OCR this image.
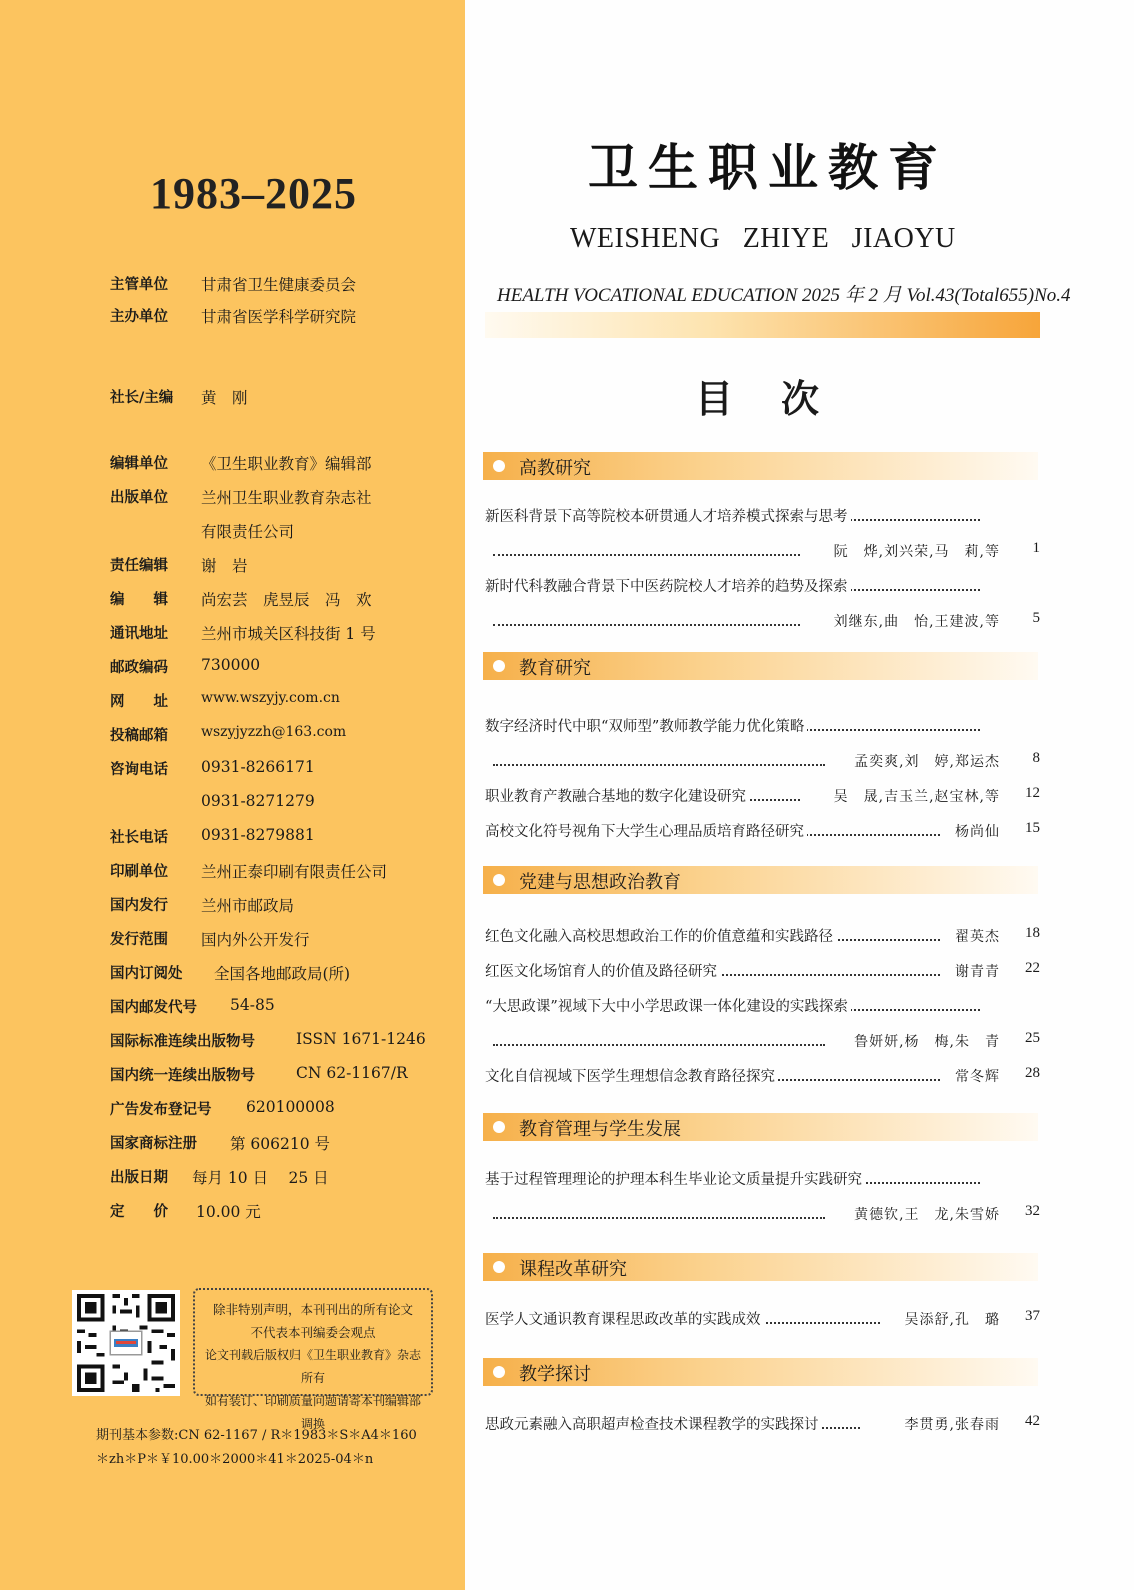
1983–2025
主管单位 甘肃省卫生健康委员会
主办单位 甘肃省医学科学研究院
社长/主编 黄　刚
编辑单位 《卫生职业教育》编辑部
出版单位 兰州卫生职业教育杂志社
有限责任公司
责任编辑 谢　岩
编　　辑 尚宏芸　虎昱辰　冯　欢
通讯地址 兰州市城关区科技街 1 号
邮政编码 730000
网　　址 www.wszyjy.com.cn
投稿邮箱 wszyjyzzh@163.com
咨询电话 0931-8266171
0931-8271279
社长电话 0931-8279881
印刷单位 兰州正泰印刷有限责任公司
国内发行 兰州市邮政局
发行范围 国内外公开发行
国内订阅处 全国各地邮政局(所)
国内邮发代号 54-85
国际标准连续出版物号	ISSN 1671-1246
国内统一连续出版物号	CN 62-1167/R
广告发布登记号 620100008
国家商标注册 第 606210 号
出版日期 每月 10 日　 25 日
定　　价 10.00 元
除非特别声明，本刊刊出的所有论文
不代表本刊编委会观点
论文刊载后版权归《卫生职业教育》杂志所有
如有装订、印刷质量问题请寄本刊编辑部调换
期刊基本参数:CN 62-1167 / R＊1983＊S＊A4＊160
＊zh＊P＊￥10.00＊2000＊41＊2025-04＊n
卫生职业教育
WEISHENG   ZHIYE   JIAOYU
HEALTH VOCATIONAL EDUCATION 2025 年 2 月 Vol.43(Total655)No.4
目次
高教研究
新医科背景下高等院校本研贯通人才培养模式探索与思考
阮　烨,刘兴荣,马　莉,等	1
新时代科教融合背景下中医药院校人才培养的趋势及探索
刘继东,曲　怡,王建波,等	5
教育研究
数字经济时代中职“双师型”教师教学能力优化策略
孟奕爽,刘　婷,郑运杰	8
职业教育产教融合基地的数字化建设研究	吴　晟,吉玉兰,赵宝林,等	12
高校文化符号视角下大学生心理品质培育路径研究	杨尚仙	15
党建与思想政治教育
红色文化融入高校思想政治工作的价值意蕴和实践路径	翟英杰	18
红医文化场馆育人的价值及路径研究	谢青青	22
“大思政课”视域下大中小学思政课一体化建设的实践探索
鲁妍妍,杨　梅,朱　青	25
文化自信视域下医学生理想信念教育路径探究	常冬辉	28
教育管理与学生发展
基于过程管理理论的护理本科生毕业论文质量提升实践研究
黄德钦,王　龙,朱雪娇	32
课程改革研究
医学人文通识教育课程思政改革的实践成效	吴添舒,孔　璐	37
教学探讨
思政元素融入高职超声检查技术课程教学的实践探讨	李贯勇,张春雨	42
